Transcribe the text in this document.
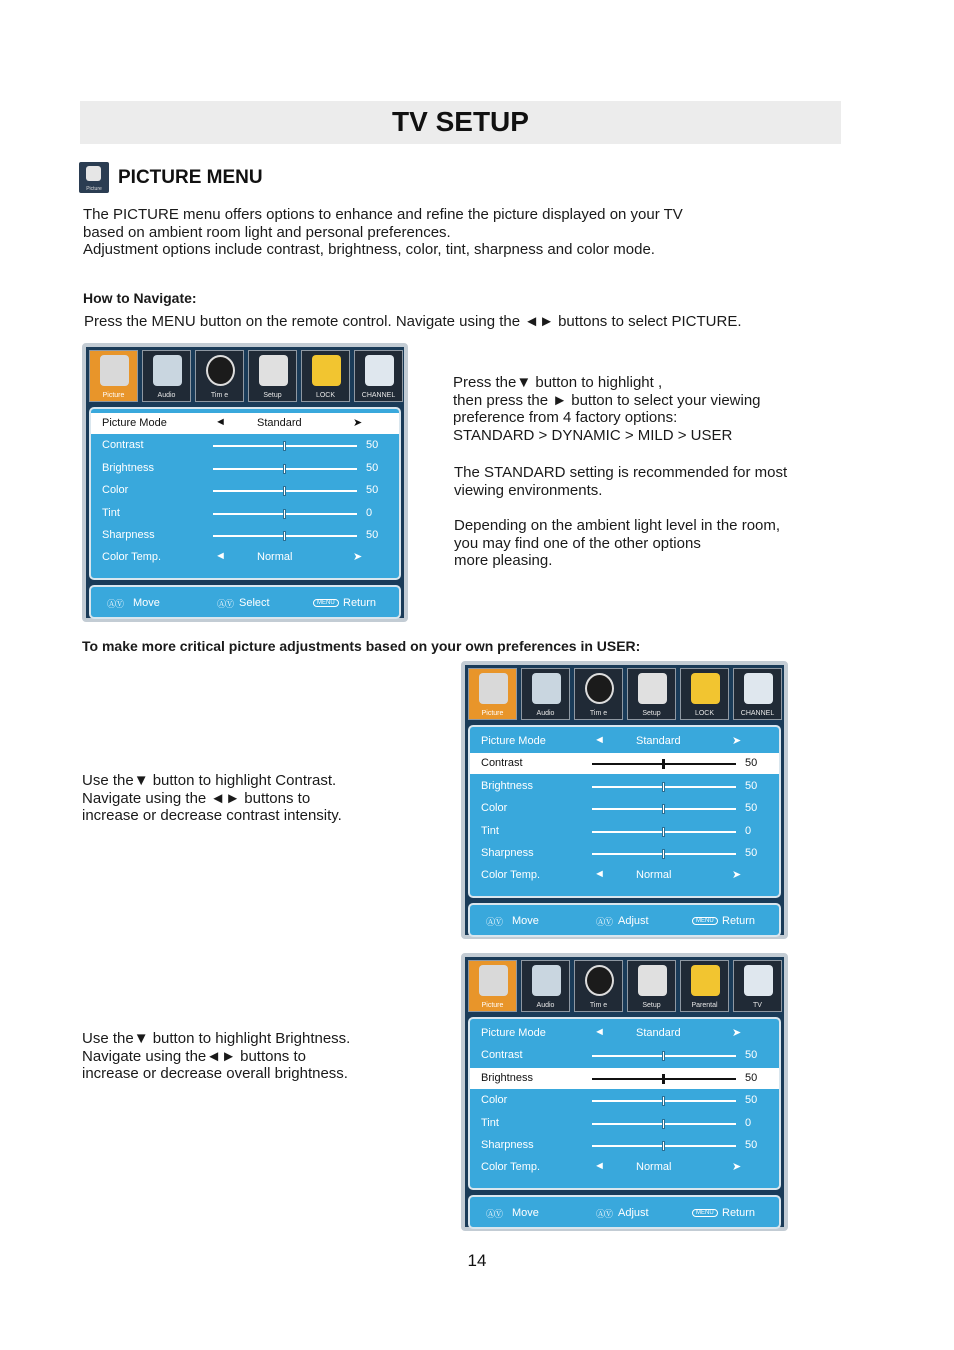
TV SETUP
Picture
PICTURE MENU
The PICTURE menu offers options to enhance and refine the picture displayed on your TV
based on ambient room light and personal preferences.
Adjustment options include contrast, brightness, color, tint, sharpness and color mode.
How to Navigate:
Press the MENU button on the remote control. Navigate using the ◄► buttons to select PICTURE.
Press the▼ button to highlight ,
then press the ► button to select your viewing
preference from 4 factory options:
STANDARD > DYNAMIC > MILD > USER
The STANDARD setting is recommended for most
viewing environments.
Depending on the ambient light level in the room,
you may find one of the other options
more pleasing.
To make more critical picture adjustments based on your own preferences in USER:
Use the▼ button to highlight Contrast.
Navigate using the ◄► buttons to
increase or decrease contrast intensity.
Use the▼ button to highlight Brightness.
Navigate using the◄► buttons to
increase or decrease overall brightness.
Picture	Audio	Tim e	Setup	LOCK	CHANNEL
Picture Mode	◄	Standard	➤
Contrast	50
Brightness	50
Color	50
Tint	0
Sharpness	50
Color Temp.	◄	Normal	➤
ⒶⓋ Move	ⒶⓋ Select	MENU Return
Picture	Audio	Tim e	Setup	LOCK	CHANNEL
Picture Mode	◄	Standard	➤
Contrast	50
Brightness	50
Color	50
Tint	0
Sharpness	50
Color Temp.	◄	Normal	➤
ⒶⓋ Move	ⒶⓋ Adjust	MENU Return
Picture	Audio	Tim e	Setup	Parental	TV
Picture Mode	◄	Standard	➤
Contrast	50
Brightness	50
Color	50
Tint	0
Sharpness	50
Color Temp.	◄	Normal	➤
ⒶⓋ Move	ⒶⓋ Adjust	MENU Return
14
